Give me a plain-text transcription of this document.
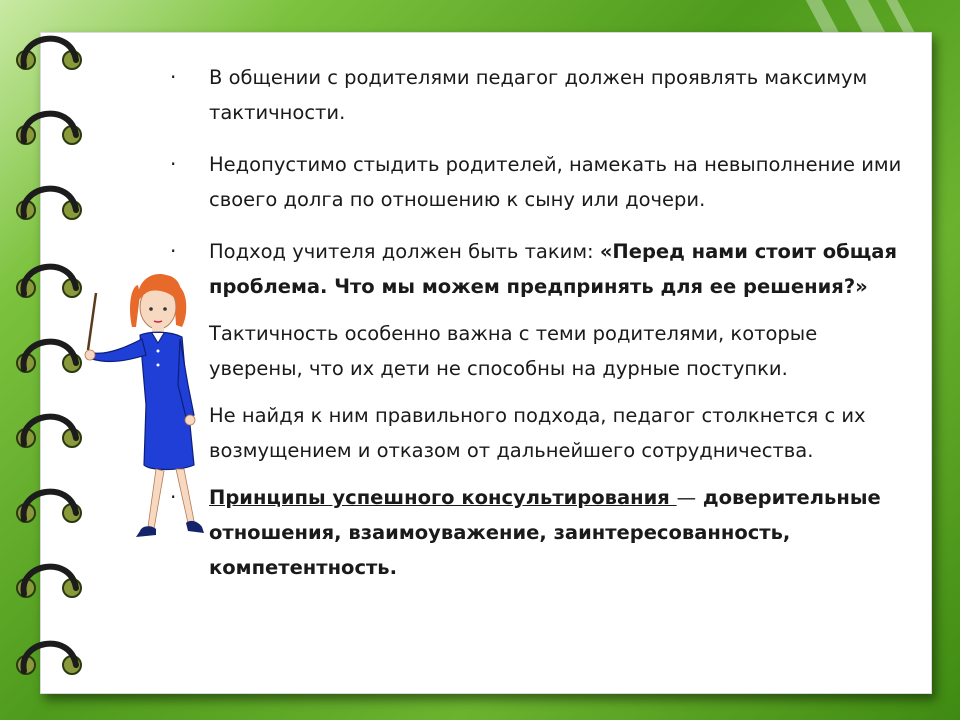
· В общении с родителями педагог должен проявлять максимум тактичности.
· Недопустимо стыдить родителей, намекать на невыполнение ими своего долга по отношению к сыну или дочери.
· Подход учителя должен быть таким: «Перед нами стоит общая проблема. Что мы можем предпринять для ее решения?»
Тактичность особенно важна с теми родителями, которые уверены, что их дети не способны на дурные поступки.
Не найдя к ним правильного подхода, педагог столкнется с их возмущением и отказом от дальнейшего сотрудничества.
· Принципы успешного консультирования — доверительные отношения, взаимоуважение, заинтересованность, компетентность.
